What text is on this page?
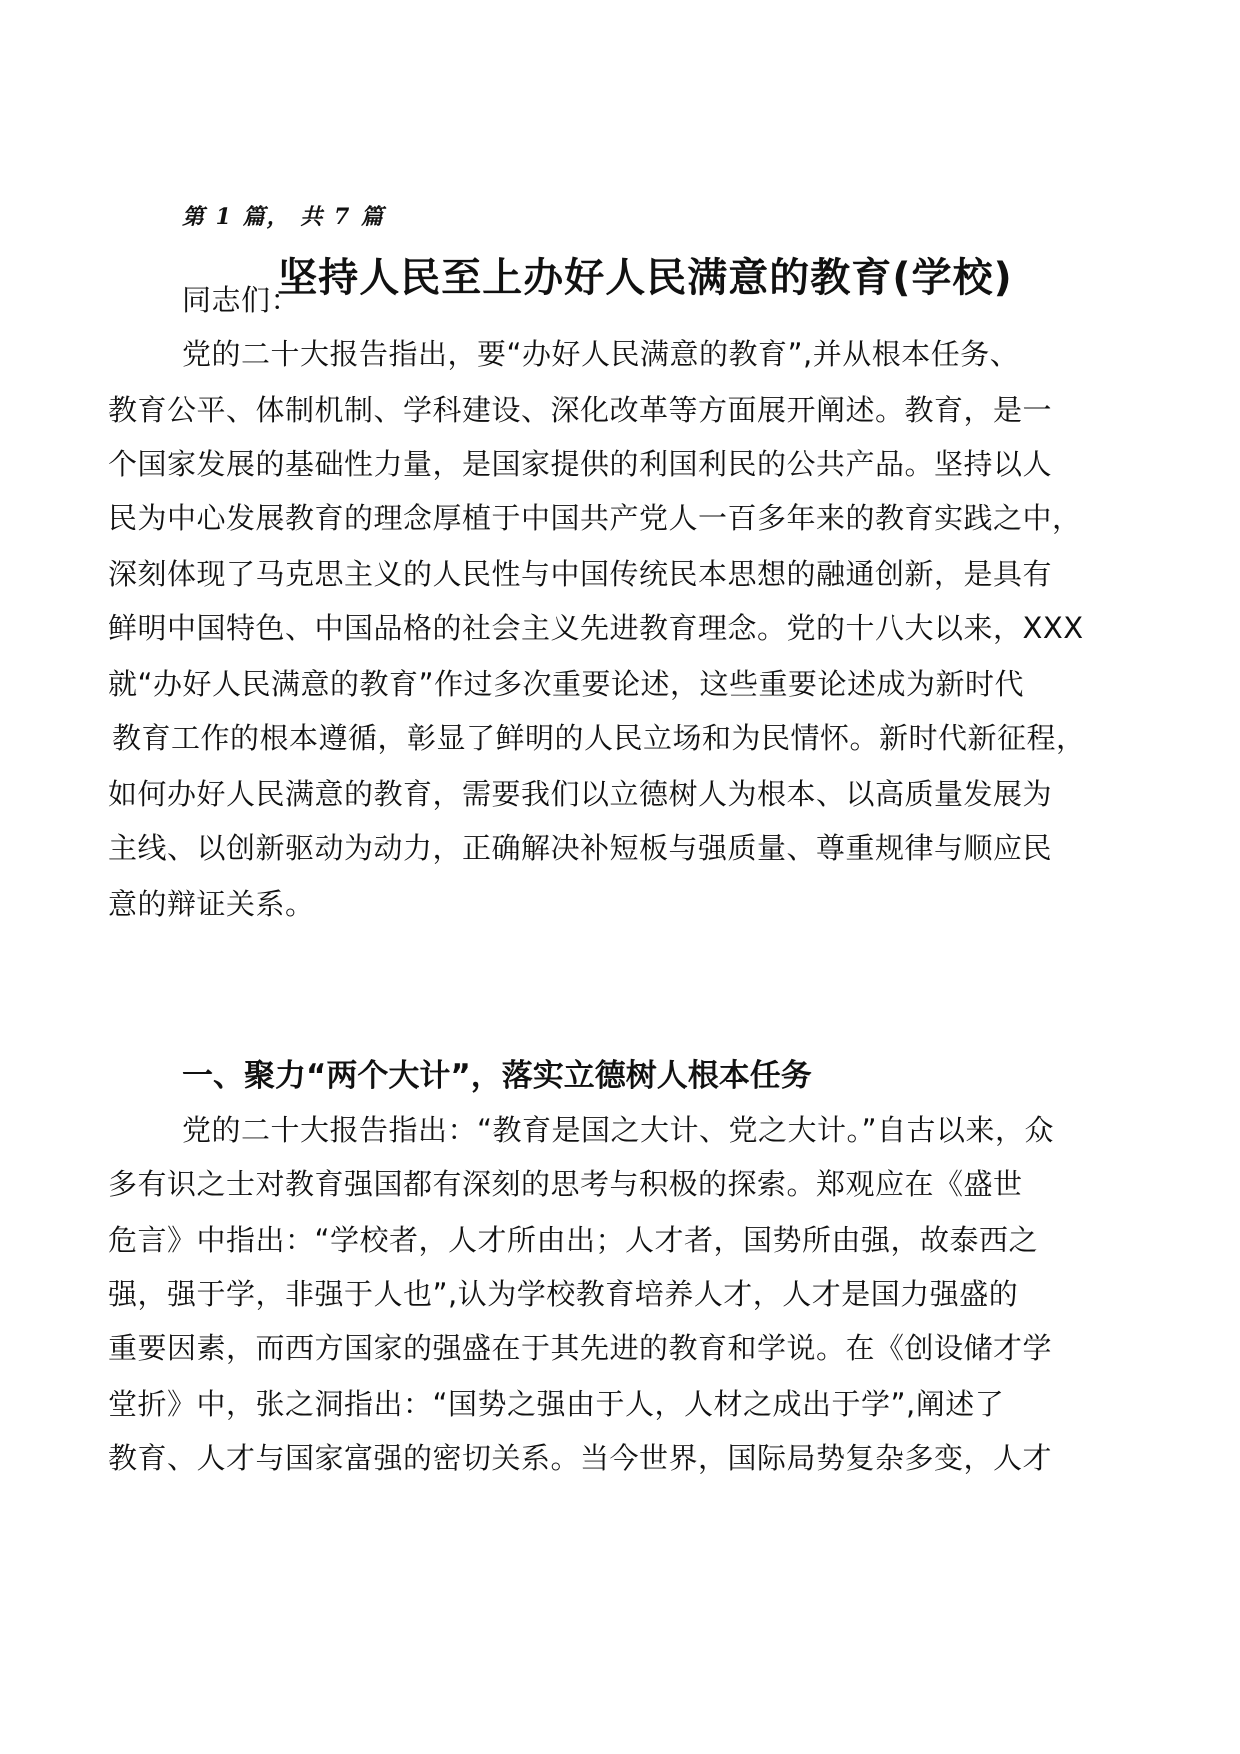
第 1 篇， 共 7 篇
坚持人民至上办好人民满意的教育(学校)
同志们：
党的二十大报告指出，要“办好人民满意的教育”,并从根本任务、
教育公平、体制机制、学科建设、深化改革等方面展开阐述。教育，是一
个国家发展的基础性力量，是国家提供的利国利民的公共产品。坚持以人
民为中心发展教育的理念厚植于中国共产党人一百多年来的教育实践之中，
深刻体现了马克思主义的人民性与中国传统民本思想的融通创新，是具有
鲜明中国特色、中国品格的社会主义先进教育理念。党的十八大以来，XXX
就“办好人民满意的教育”作过多次重要论述，这些重要论述成为新时代
教育工作的根本遵循，彰显了鲜明的人民立场和为民情怀。新时代新征程，
如何办好人民满意的教育，需要我们以立德树人为根本、以高质量发展为
主线、以创新驱动为动力，正确解决补短板与强质量、尊重规律与顺应民
意的辩证关系。
一、聚力“两个大计”，落实立德树人根本任务
党的二十大报告指出：“教育是国之大计、党之大计。”自古以来，众
多有识之士对教育强国都有深刻的思考与积极的探索。郑观应在《盛世
危言》中指出：“学校者，人才所由出；人才者，国势所由强，故泰西之
强，强于学，非强于人也”,认为学校教育培养人才，人才是国力强盛的
重要因素，而西方国家的强盛在于其先进的教育和学说。在《创设储才学
堂折》中，张之洞指出：“国势之强由于人，人材之成出于学”,阐述了
教育、人才与国家富强的密切关系。当今世界，国际局势复杂多变，人才
